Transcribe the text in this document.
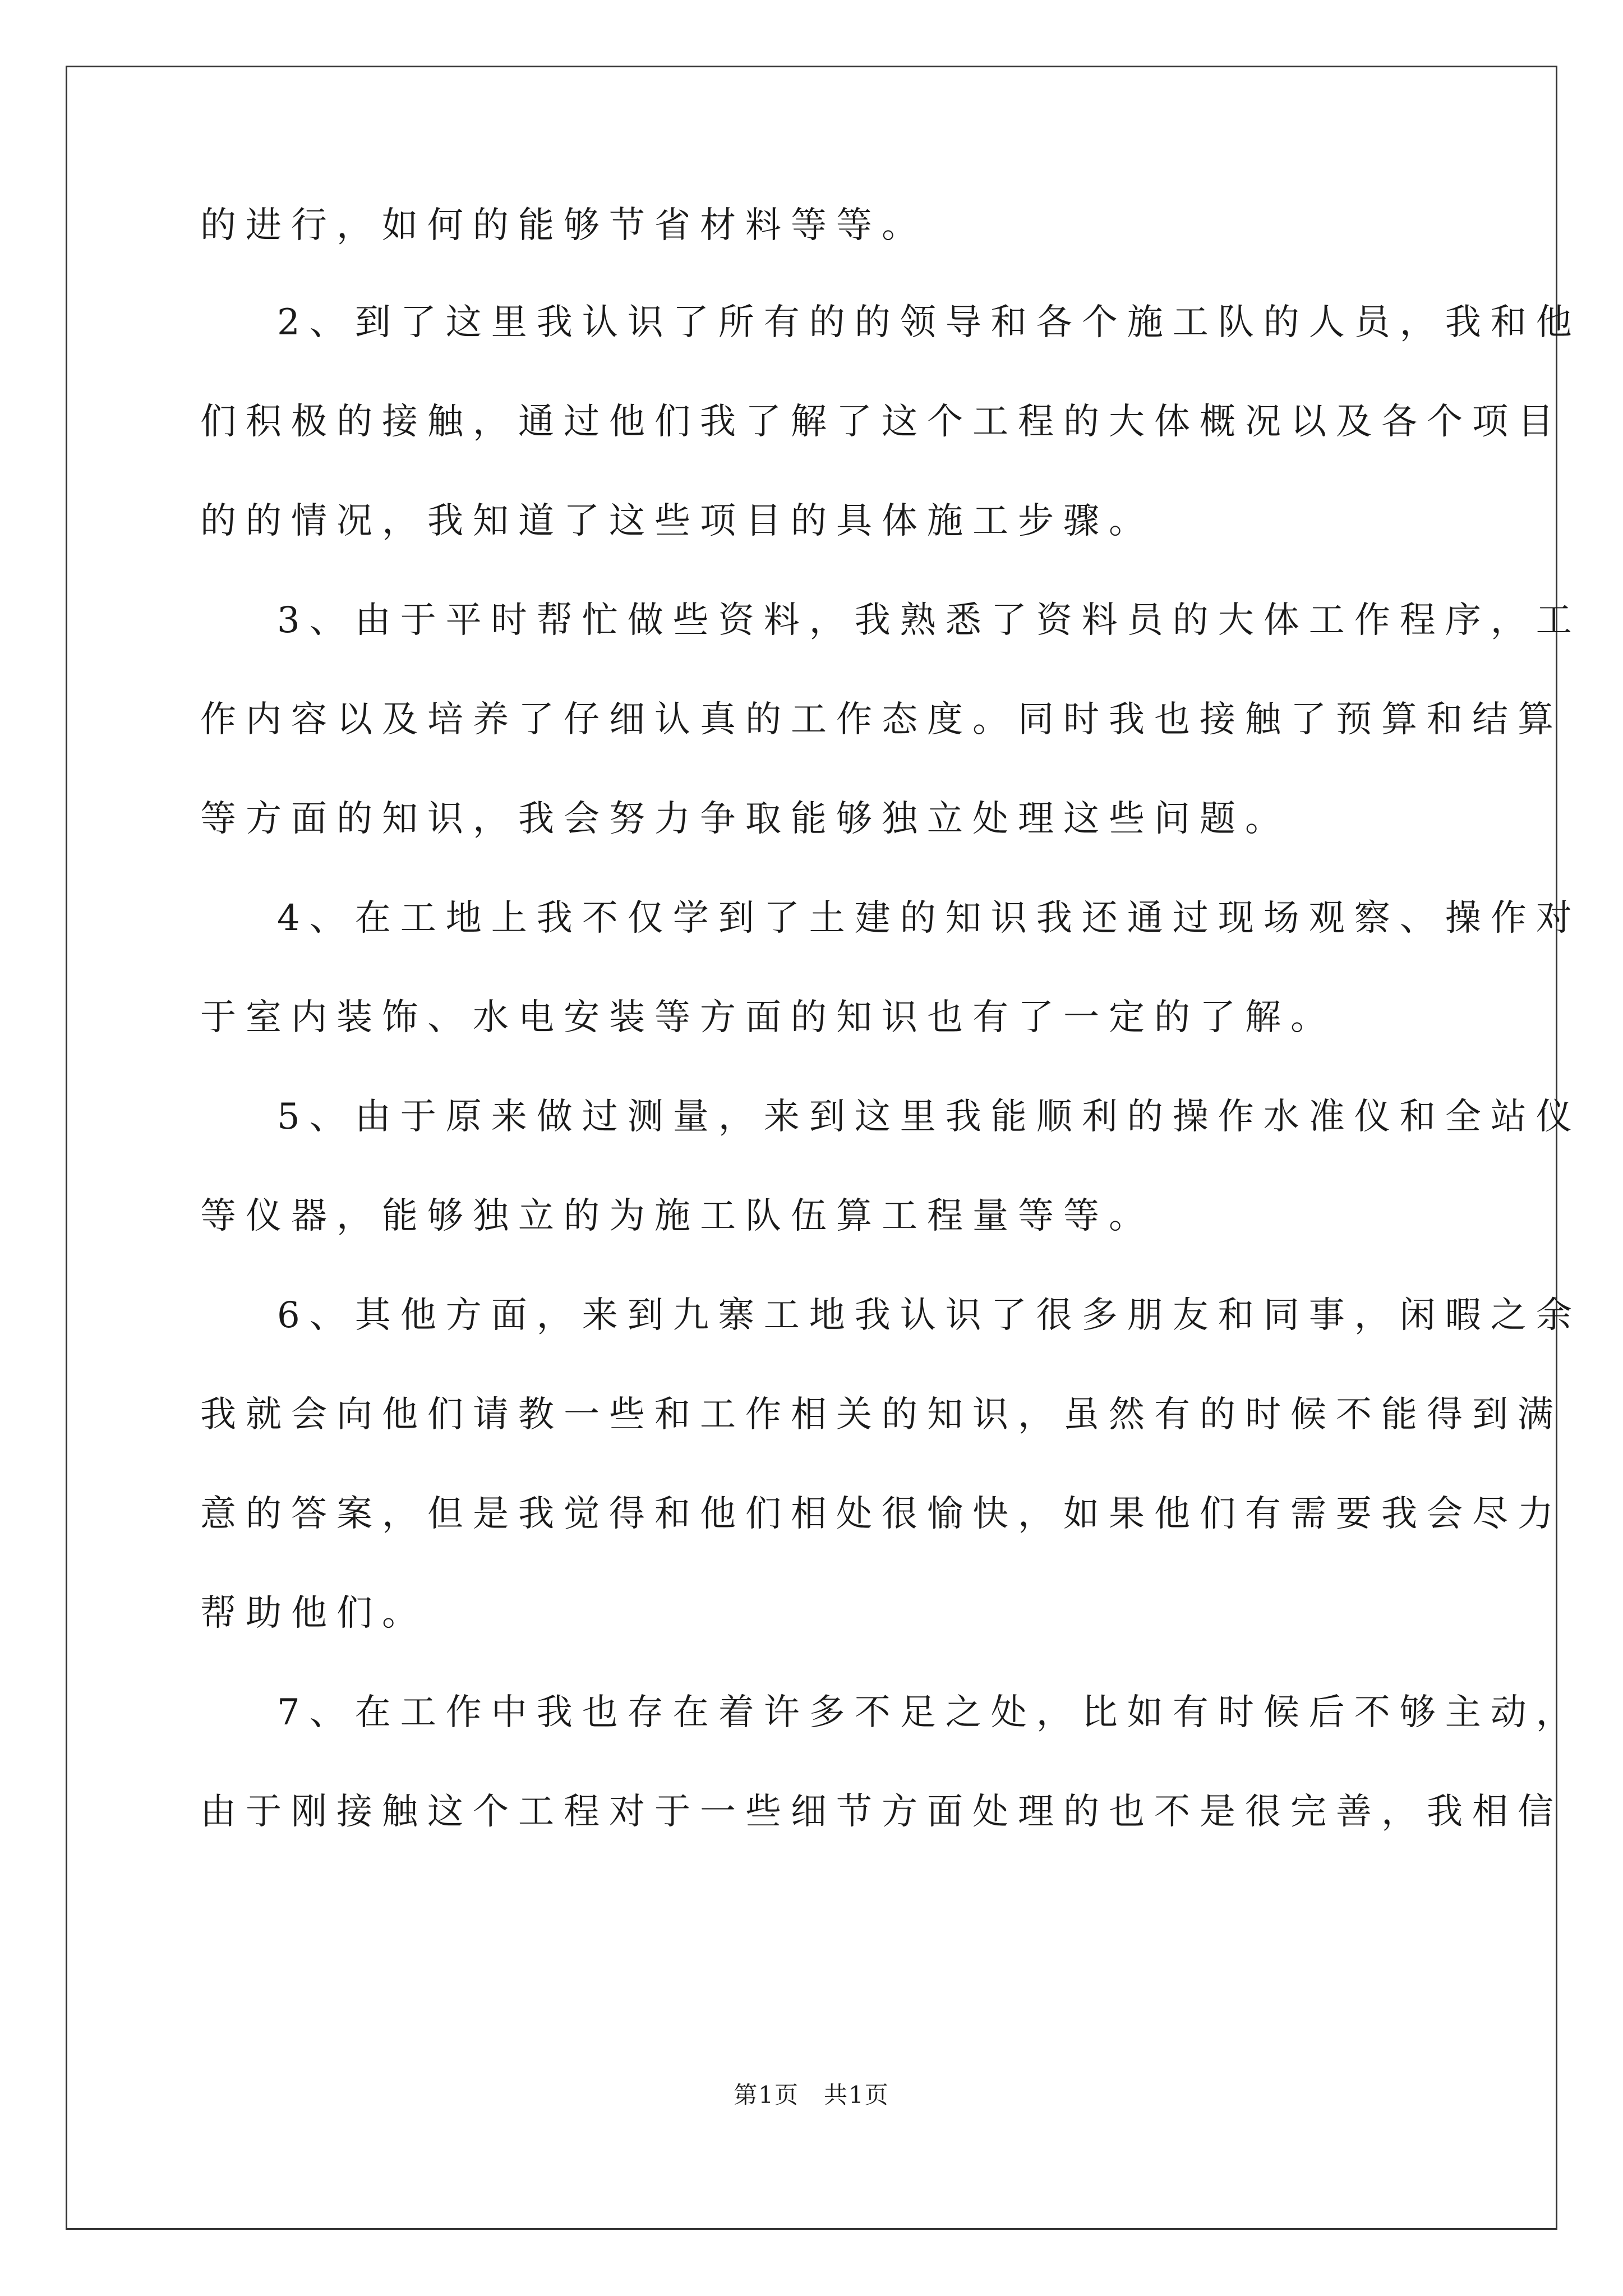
的进行，如何的能够节省材料等等。
2、到了这里我认识了所有的的领导和各个施工队的人员，我和他
们积极的接触，通过他们我了解了这个工程的大体概况以及各个项目
的的情况，我知道了这些项目的具体施工步骤。
3、由于平时帮忙做些资料，我熟悉了资料员的大体工作程序，工
作内容以及培养了仔细认真的工作态度。同时我也接触了预算和结算
等方面的知识，我会努力争取能够独立处理这些问题。
4、在工地上我不仅学到了土建的知识我还通过现场观察、操作对
于室内装饰、水电安装等方面的知识也有了一定的了解。
5、由于原来做过测量，来到这里我能顺利的操作水准仪和全站仪
等仪器，能够独立的为施工队伍算工程量等等。
6、其他方面，来到九寨工地我认识了很多朋友和同事，闲暇之余
我就会向他们请教一些和工作相关的知识，虽然有的时候不能得到满
意的答案，但是我觉得和他们相处很愉快，如果他们有需要我会尽力
帮助他们。
7、在工作中我也存在着许多不足之处，比如有时候后不够主动，
由于刚接触这个工程对于一些细节方面处理的也不是很完善，我相信
第1页　共1页
